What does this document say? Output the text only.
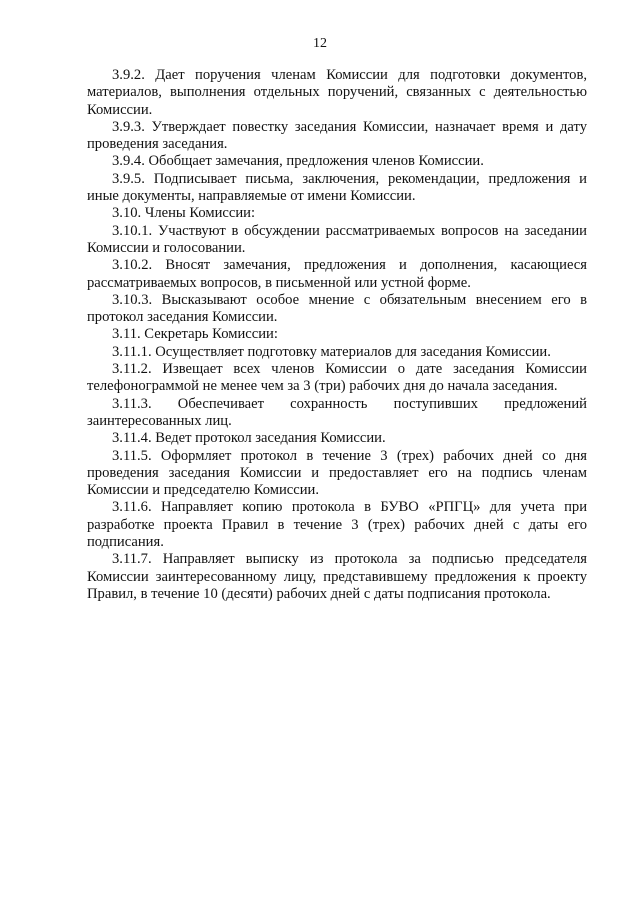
12

3.9.2. Дает поручения членам Комиссии для подготовки документов, материалов, выполнения отдельных поручений, связанных с деятельностью Комиссии.

3.9.3. Утверждает повестку заседания Комиссии, назначает время и дату проведения заседания.

3.9.4. Обобщает замечания, предложения членов Комиссии.

3.9.5. Подписывает письма, заключения, рекомендации, предложения и иные документы, направляемые от имени Комиссии.

3.10. Члены Комиссии:

3.10.1. Участвуют в обсуждении рассматриваемых вопросов на заседании Комиссии и голосовании.

3.10.2. Вносят замечания, предложения и дополнения, касающиеся рассматриваемых вопросов, в письменной или устной форме.

3.10.3. Высказывают особое мнение с обязательным внесением его в протокол заседания Комиссии.

3.11. Секретарь Комиссии:

3.11.1. Осуществляет подготовку материалов для заседания Комиссии.

3.11.2. Извещает всех членов Комиссии о дате заседания Комиссии телефонограммой не менее чем за 3 (три) рабочих дня до начала заседания.

3.11.3. Обеспечивает сохранность поступивших предложений

заинтересованных лиц.

3.11.4. Ведет протокол заседания Комиссии.

3.11.5. Оформляет протокол в течение 3 (трех) рабочих дней со дня проведения заседания Комиссии и предоставляет его на подпись членам Комиссии и председателю Комиссии.

3.11.6. Направляет копию протокола в БУВО «РПГЦ» для учета при разработке проекта Правил в течение 3 (трех) рабочих дней с даты его подписания.

3.11.7. Направляет выписку из протокола за подписью председателя Комиссии заинтересованному лицу, представившему предложения к проекту Правил, в течение 10 (десяти) рабочих дней с даты подписания протокола.
